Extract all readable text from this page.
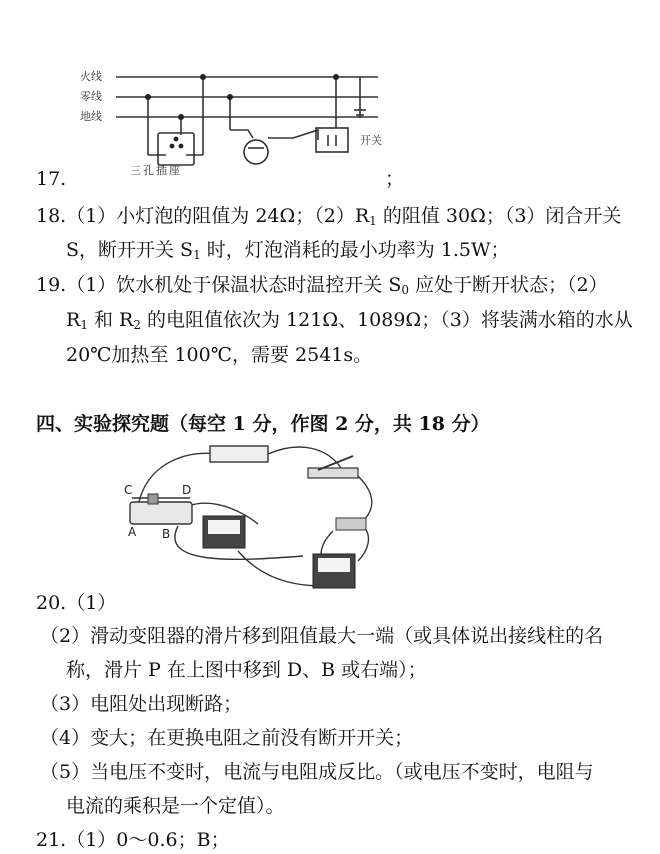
火线
零线
地线
三孔插座
开关
17.	；
18.（1）小灯泡的阻值为 24Ω；$(2)R_1$ 的阻值 30Ω；（3）闭合开关
S，断开开关 $S_1$ 时，灯泡消耗的最小功率为 1.5W；
19.（1）饮水机处于保温状态时温控开关 $S_0$ 应处于断开状态；（2）
$R_1$ 和 $R_2$ 的电阻值依次为 121Ω、1089Ω；（3）将装满水箱的水从
20℃加热至 100℃，需要 2541s。
四、实验探究题（每空 1 分，作图 2 分，共 18 分）
C	D
A B
20.（1）
（2）滑动变阻器的滑片移到阻值最大一端（或具体说出接线柱的名
称，滑片 P 在上图中移到 D、B 或右端）；
（3）电阻处出现断路；
（4）变大；在更换电阻之前没有断开开关；
（5）当电压不变时，电流与电阻成反比。（或电压不变时，电阻与
电流的乘积是一个定值）。
21.（1）0～0.6；B；
